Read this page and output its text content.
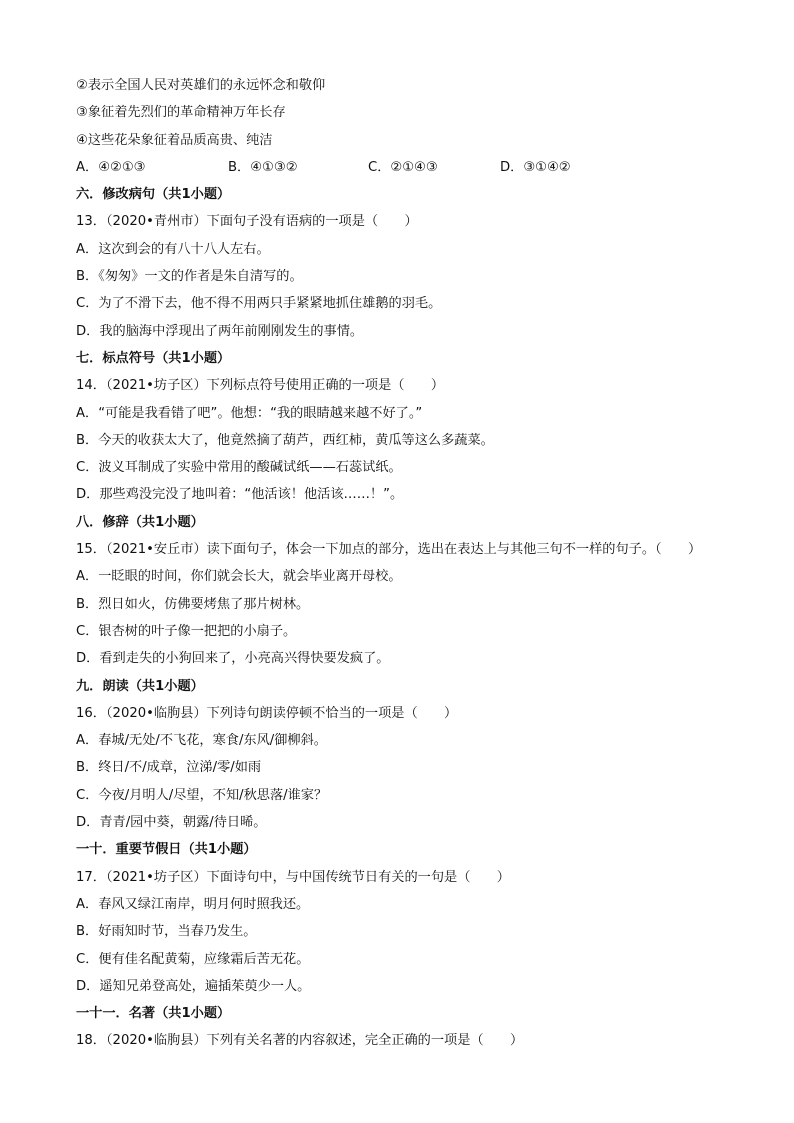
②表示全国人民对英雄们的永远怀念和敬仰
③象征着先烈们的革命精神万年长存
④这些花朵象征着品质高贵、纯洁
A．④②①③	B．④①③②	C．②①④③	D．③①④②
六．修改病句（共1小题）
13．（2020•青州市）下面句子没有语病的一项是（　　）
A．这次到会的有八十八人左右。
B．《匆匆》一文的作者是朱自清写的。
C．为了不滑下去，他不得不用两只手紧紧地抓住雄鹅的羽毛。
D．我的脑海中浮现出了两年前刚刚发生的事情。
七．标点符号（共1小题）
14．（2021•坊子区）下列标点符号使用正确的一项是（　　）
A．“可能是我看错了吧”。他想：“我的眼睛越来越不好了。”
B．今天的收获太大了，他竟然摘了葫芦，西红柿，黄瓜等这么多蔬菜。
C．波义耳制成了实验中常用的酸碱试纸——石蕊试纸。
D．那些鸡没完没了地叫着：“他活该！他活该……！”。
八．修辞（共1小题）
15．（2021•安丘市）读下面句子，体会一下加点的部分，选出在表达上与其他三句不一样的句子。（　　）
A．一眨眼的时间，你们就会长大，就会毕业离开母校。
B．烈日如火，仿佛要烤焦了那片树林。
C．银杏树的叶子像一把把的小扇子。
D．看到走失的小狗回来了，小亮高兴得快要发疯了。
九．朗读（共1小题）
16．（2020•临朐县）下列诗句朗读停顿不恰当的一项是（　　）
A．春城/无处/不飞花，寒食/东风/御柳斜。
B．终日/不/成章，泣涕/零/如雨
C．今夜/月明人/尽望，不知/秋思落/谁家？
D．青青/园中葵，朝露/待日晞。
一十．重要节假日（共1小题）
17．（2021•坊子区）下面诗句中，与中国传统节日有关的一句是（　　）
A．春风又绿江南岸，明月何时照我还。
B．好雨知时节，当春乃发生。
C．便有佳名配黄菊，应缘霜后苦无花。
D．遥知兄弟登高处，遍插茱萸少一人。
一十一．名著（共1小题）
18．（2020•临朐县）下列有关名著的内容叙述，完全正确的一项是（　　）
